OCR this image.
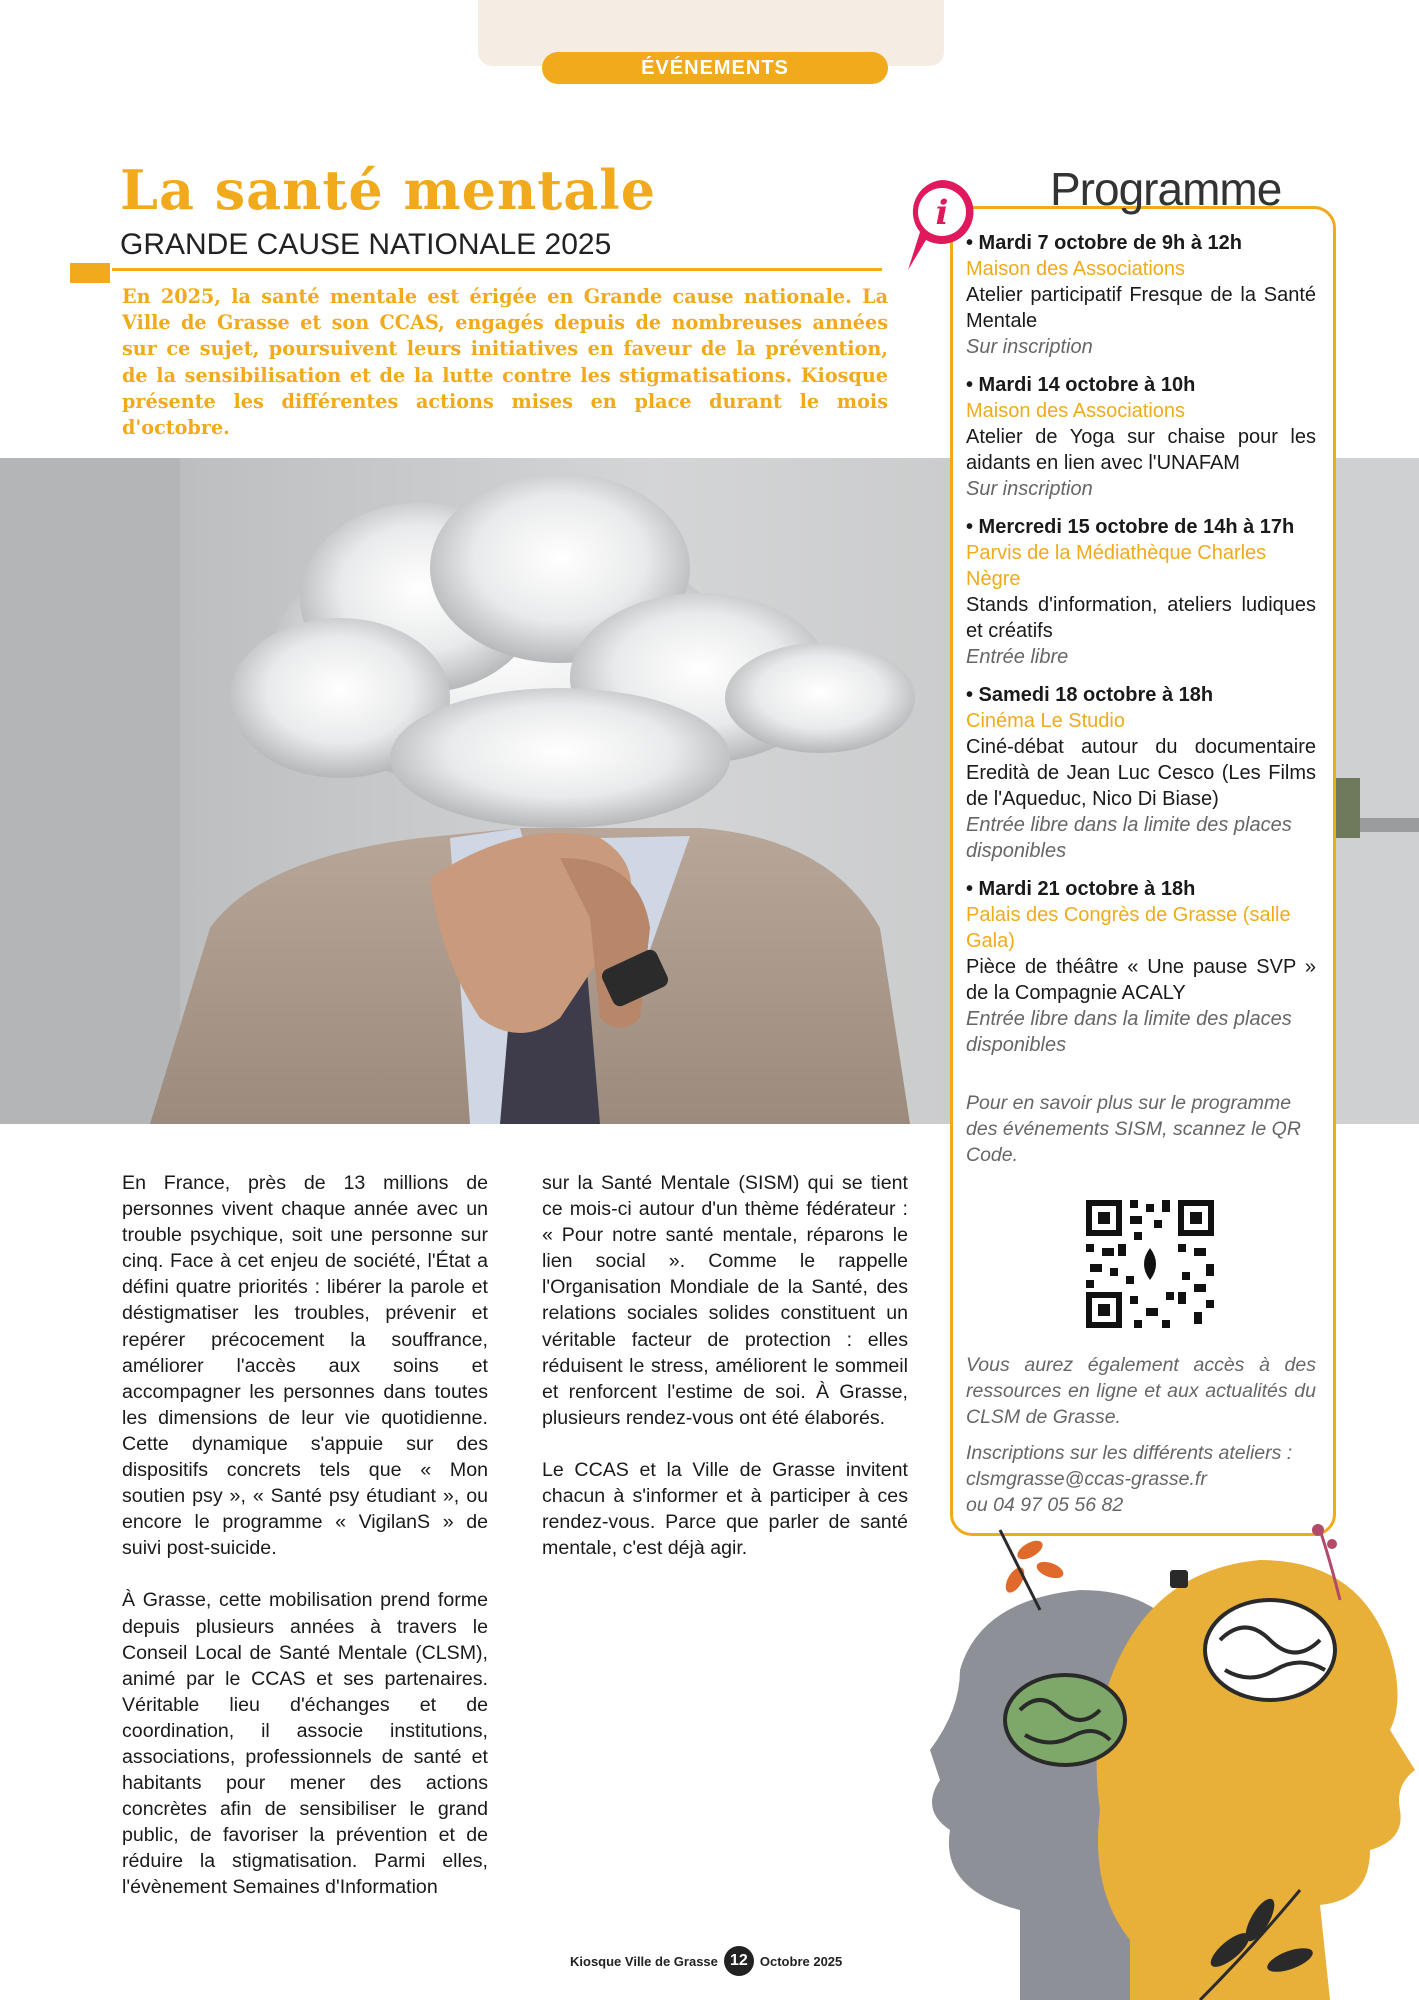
ÉVÉNEMENTS
La santé mentale
GRANDE CAUSE NATIONALE 2025

En 2025, la santé mentale est érigée en Grande cause nationale. La Ville de Grasse et son CCAS, engagés depuis de nombreuses années sur ce sujet, poursuivent leurs initiatives en faveur de la prévention, de la sensibilisation et de la lutte contre les stigmatisations. Kiosque présente les différentes actions mises en place durant le mois d'octobre.

Programme
i
• Mardi 7 octobre de 9h à 12h
Maison des Associations
Atelier participatif Fresque de la Santé Mentale
Sur inscription
• Mardi 14 octobre à 10h
Maison des Associations
Atelier de Yoga sur chaise pour les aidants en lien avec l'UNAFAM
Sur inscription
• Mercredi 15 octobre de 14h à 17h
Parvis de la Médiathèque Charles Nègre
Stands d'information, ateliers ludiques et créatifs
Entrée libre
• Samedi 18 octobre à 18h
Cinéma Le Studio
Ciné-débat autour du documentaire Eredità de Jean Luc Cesco (Les Films de l'Aqueduc, Nico Di Biase)
Entrée libre dans la limite des places disponibles
• Mardi 21 octobre à 18h
Palais des Congrès de Grasse (salle Gala)
Pièce de théâtre « Une pause SVP » de la Compagnie ACALY
Entrée libre dans la limite des places disponibles
Pour en savoir plus sur le programme des événements SISM, scannez le QR Code.
Vous aurez également accès à des ressources en ligne et aux actualités du CLSM de Grasse.
Inscriptions sur les différents ateliers :
clsmgrasse@ccas-grasse.fr
ou 04 97 05 56 82

En France, près de 13 millions de personnes vivent chaque année avec un trouble psychique, soit une personne sur cinq. Face à cet enjeu de société, l'État a défini quatre priorités : libérer la parole et déstigmatiser les troubles, prévenir et repérer précocement la souffrance, améliorer l'accès aux soins et accompagner les personnes dans toutes les dimensions de leur vie quotidienne. Cette dynamique s'appuie sur des dispositifs concrets tels que « Mon soutien psy », « Santé psy étudiant », ou encore le programme « VigilanS » de suivi post-suicide.

À Grasse, cette mobilisation prend forme depuis plusieurs années à travers le Conseil Local de Santé Mentale (CLSM), animé par le CCAS et ses partenaires. Véritable lieu d'échanges et de coordination, il associe institutions, associations, professionnels de santé et habitants pour mener des actions concrètes afin de sensibiliser le grand public, de favoriser la prévention et de réduire la stigmatisation. Parmi elles, l'évènement Semaines d'Information

sur la Santé Mentale (SISM) qui se tient ce mois-ci autour d'un thème fédérateur : « Pour notre santé mentale, réparons le lien social ». Comme le rappelle l'Organisation Mondiale de la Santé, des relations sociales solides constituent un véritable facteur de protection : elles réduisent le stress, améliorent le sommeil et renforcent l'estime de soi. À Grasse, plusieurs rendez-vous ont été élaborés.

Le CCAS et la Ville de Grasse invitent chacun à s'informer et à participer à ces rendez-vous. Parce que parler de santé mentale, c'est déjà agir.

Kiosque Ville de Grasse 12 Octobre 2025
